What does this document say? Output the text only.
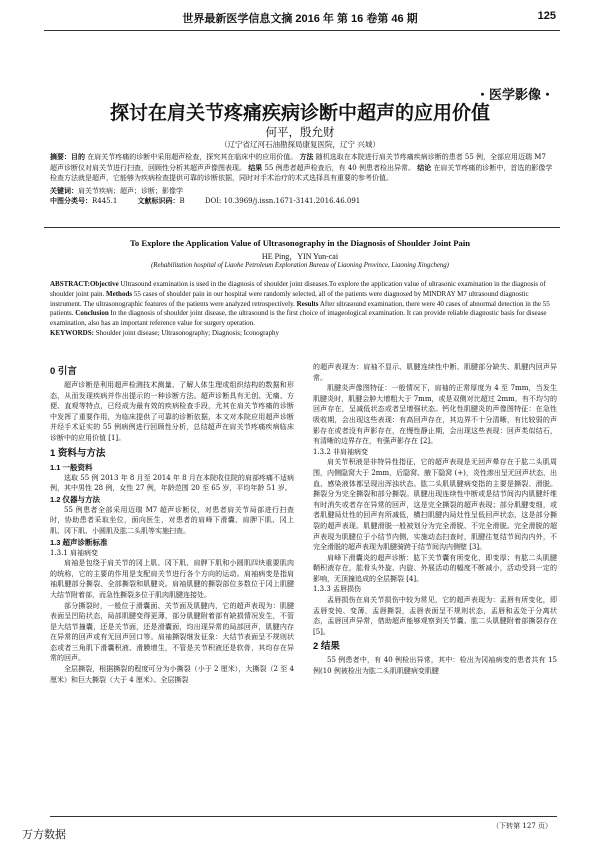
世界最新医学信息文摘 2016 年 第 16 卷第 46 期	125
・医学影像・
探讨在肩关节疼痛疾病诊断中超声的应用价值
何平，殷允财
（辽宁省辽河石油勘探局康复医院，辽宁 兴城）
摘要：目的 在肩关节疼痛的诊断中采用超声检查，探究其在临床中的应用价值。 方法 随机选取在本院进行肩关节疼痛疾病诊断的患者 55 例，全部应用迈瑞 M7 超声诊断仪对肩关节进行扫查，回顾性分析其超声声像图表现。 结果 55 例患者超声检查后，有 40 例患者检出异常。 结论 在肩关节疼痛的诊断中，首选的影像学检查方法就是超声，它能够为疾病检查提供可靠的诊断依据，同时对手术治疗的术式选择具有重要的参考价值。
关键词：肩关节疾病；超声；诊断；影像学
中图分类号：R445.1	文献标识码：B	DOI: 10.3969/j.issn.1671-3141.2016.46.091
To Explore the Application Value of Ultrasonography in the Diagnosis of Shoulder Joint Pain
HE Ping，YIN Yun-cai
(Rehabilitation hospital of Liaohe Petroleum Exploration Bureau of Liaoning Province, Liaoning Xingcheng)
ABSTRACT:Objective Ultrasound examination is used in the diagnosis of shoulder joint diseases.To explore the application value of ultrasonic examination in the diagnosis of shoulder joint pain. Methods 55 cases of shoulder pain in our hospital were randomly selected, all of the patients were diagnosed by MINDRAY M7 ultrasound diagnostic instrument. The ultrasonographic features of the patients were analyzed retrospectively. Results After ultrasound examination, there were 40 cases of abnormal detection in the 55 patients. Conclusion In the diagnosis of shoulder joint disease, the ultrasound is the first choice of imageological examination. It can provide reliable diagnostic basis for disease examination, also has an important reference value for surgery operation.
KEYWORDS: Shoulder joint disease; Ultrasonography; Diagnosis; Iconography
0 引言

超声诊断是利用超声检测技术测量、了解人体生理或组织结构的数据和形态，从而发现疾病并作出提示的一种诊断方法。超声诊断具有无创、无痛、方便、直观等特点，已经成为最有效的疾病检查手段，尤其在肩关节疼痛的诊断中发挥了重要作用，为临床提供了可靠的诊断依据，本文对本院应用超声诊断并经手术证实的 55 例病例进行回顾性分析，总结超声在肩关节疼痛疾病临床诊断中的应用价值 [1]。

1 资料与方法
1.1 一般资料

选取 55 例 2013 年 8 月至 2014 年 8 月在本院收住院的肩部疼痛不适病例，其中男性 28 例，女性 27 例，年龄范围 20 至 65 岁，平均年龄 51 岁。

1.2 仪器与方法

55 例患者全部采用迈瑞 M7 超声诊断仪，对患者肩关节局部进行扫查时，协助患者采取坐位，面向医生，对患者的肩峰下滑囊、肩胛下肌、冈上肌、冈下肌、小圆肌及肱二头肌等实施扫查。

1.3 超声诊断标准
1.3.1 肩袖病变

肩袖是包绕于肩关节的冈上肌、冈下肌、肩胛下肌和小圆肌四块重要肌肉的统称，它的主要的作用是支配肩关节进行各个方向的运动。肩袖病变是指肩袖肌腱部分撕裂、全部撕裂和肌腱炎。肩袖肌腱的撕裂部位多数位于冈上肌腱大结节附着部，而急性撕裂多位于肌肉肌腱连接处。

部分撕裂时，一般位于滑囊面、关节面及肌腱内，它的超声表现为：肌腱表面呈凹陷状态，局部肌腱变得更薄，部分肌腱附着部有缺损情况发生，不管是大结节撞囊，还是关节面，还是滑囊面，均出现异常的局部回声，肌腱内存在异常的回声或有无回声回口等。肩袖撕裂继发征象：大结节表面呈不规则状态或者三角肌下滑囊积液、滑膜增生，不管是关节积液还是软骨，其均存在异常的回声。

全层撕裂，根据撕裂的程度可分为小撕裂（小于 2 厘米），大撕裂（2 至 4 厘米）和巨大撕裂（大于 4 厘米）。全层撕裂

的超声表现为：肩袖不显示、肌腱连续性中断、肌腱部分缺失、肌腱内回声异常。

肌腱炎声像图特征：一般情况下，肩袖的正常厚度为 4 至 7mm，当发生肌腱炎时，肌腱会肿大增粗大于 7mm，或是双侧对比超过 2mm，有不均匀的回声存在，呈减低状态或者呈增强状态。钙化性肌腱炎的声像图特征：在急性吸收期，会出现这些表现：有高回声存在，其边界不十分清晰，有比较弱的声影存在或者没有声影存在，在慢性静止期，会出现这些表现：回声类似结石，有清晰的边界存在，有强声影存在 [2]。

1.3.2 非肩袖病变

肩关节积液是非特异性指征，它的超声表现是无回声晕存在于肱二头肌周围，内侧隐窝大于 2mm，后隐窝、腋下隐窝 (+)，炎性渗出呈无回声状态，出血、感染液体都呈现出浑浊状态。肱二头肌肌腱病变指的主要是撕裂、滑脱。撕裂分为完全撕裂和部分撕裂。肌腱出现连续性中断或是结节间沟内肌腱纤维有时消失或者存在异常的回声，这是完全撕裂的超声表现；部分肌腱变细，或者肌腱局灶性的回声有所减低，横扫肌腱内局灶性呈低回声状态，这是部分撕裂的超声表现。肌腱滑脱一般被划分为完全滑脱、不完全滑脱。完全滑脱的超声表现为肌腱位于小结节内侧，实施动态扫查时，肌腱往复结节间沟内外，不完全滑脱的超声表现为肌腱骑跨于结节间沟内侧壁 [3]。

肩峰下滑囊炎的超声诊断：肱下关节囊有所变化，即变厚；有肱二头肌腱鞘积液存在，肱骨头外旋、内旋、外展活动的幅度不断减小，活动受到一定的影响，无顶撞追成的全层撕裂 [4]。

1.3.3 盂唇损伤

盂唇损伤在肩关节损伤中较为常见，它的超声表现为：盂唇有所变化，即盂唇变钝、变薄，盂唇撕裂，盂唇表面呈不规则状态，盂唇和盂处于分离状态，盂唇回声异常，借助超声能够观察到关节囊、肱二头肌腱附着部撕裂存在 [5]。

2 结果

55 例患者中，有 40 例检出异常，其中：检出为冈袖病变的患者共有 15 例(10 例被检出为肱二头肌肌腱病变肌腱

（下转第 127 页）
万方数据
